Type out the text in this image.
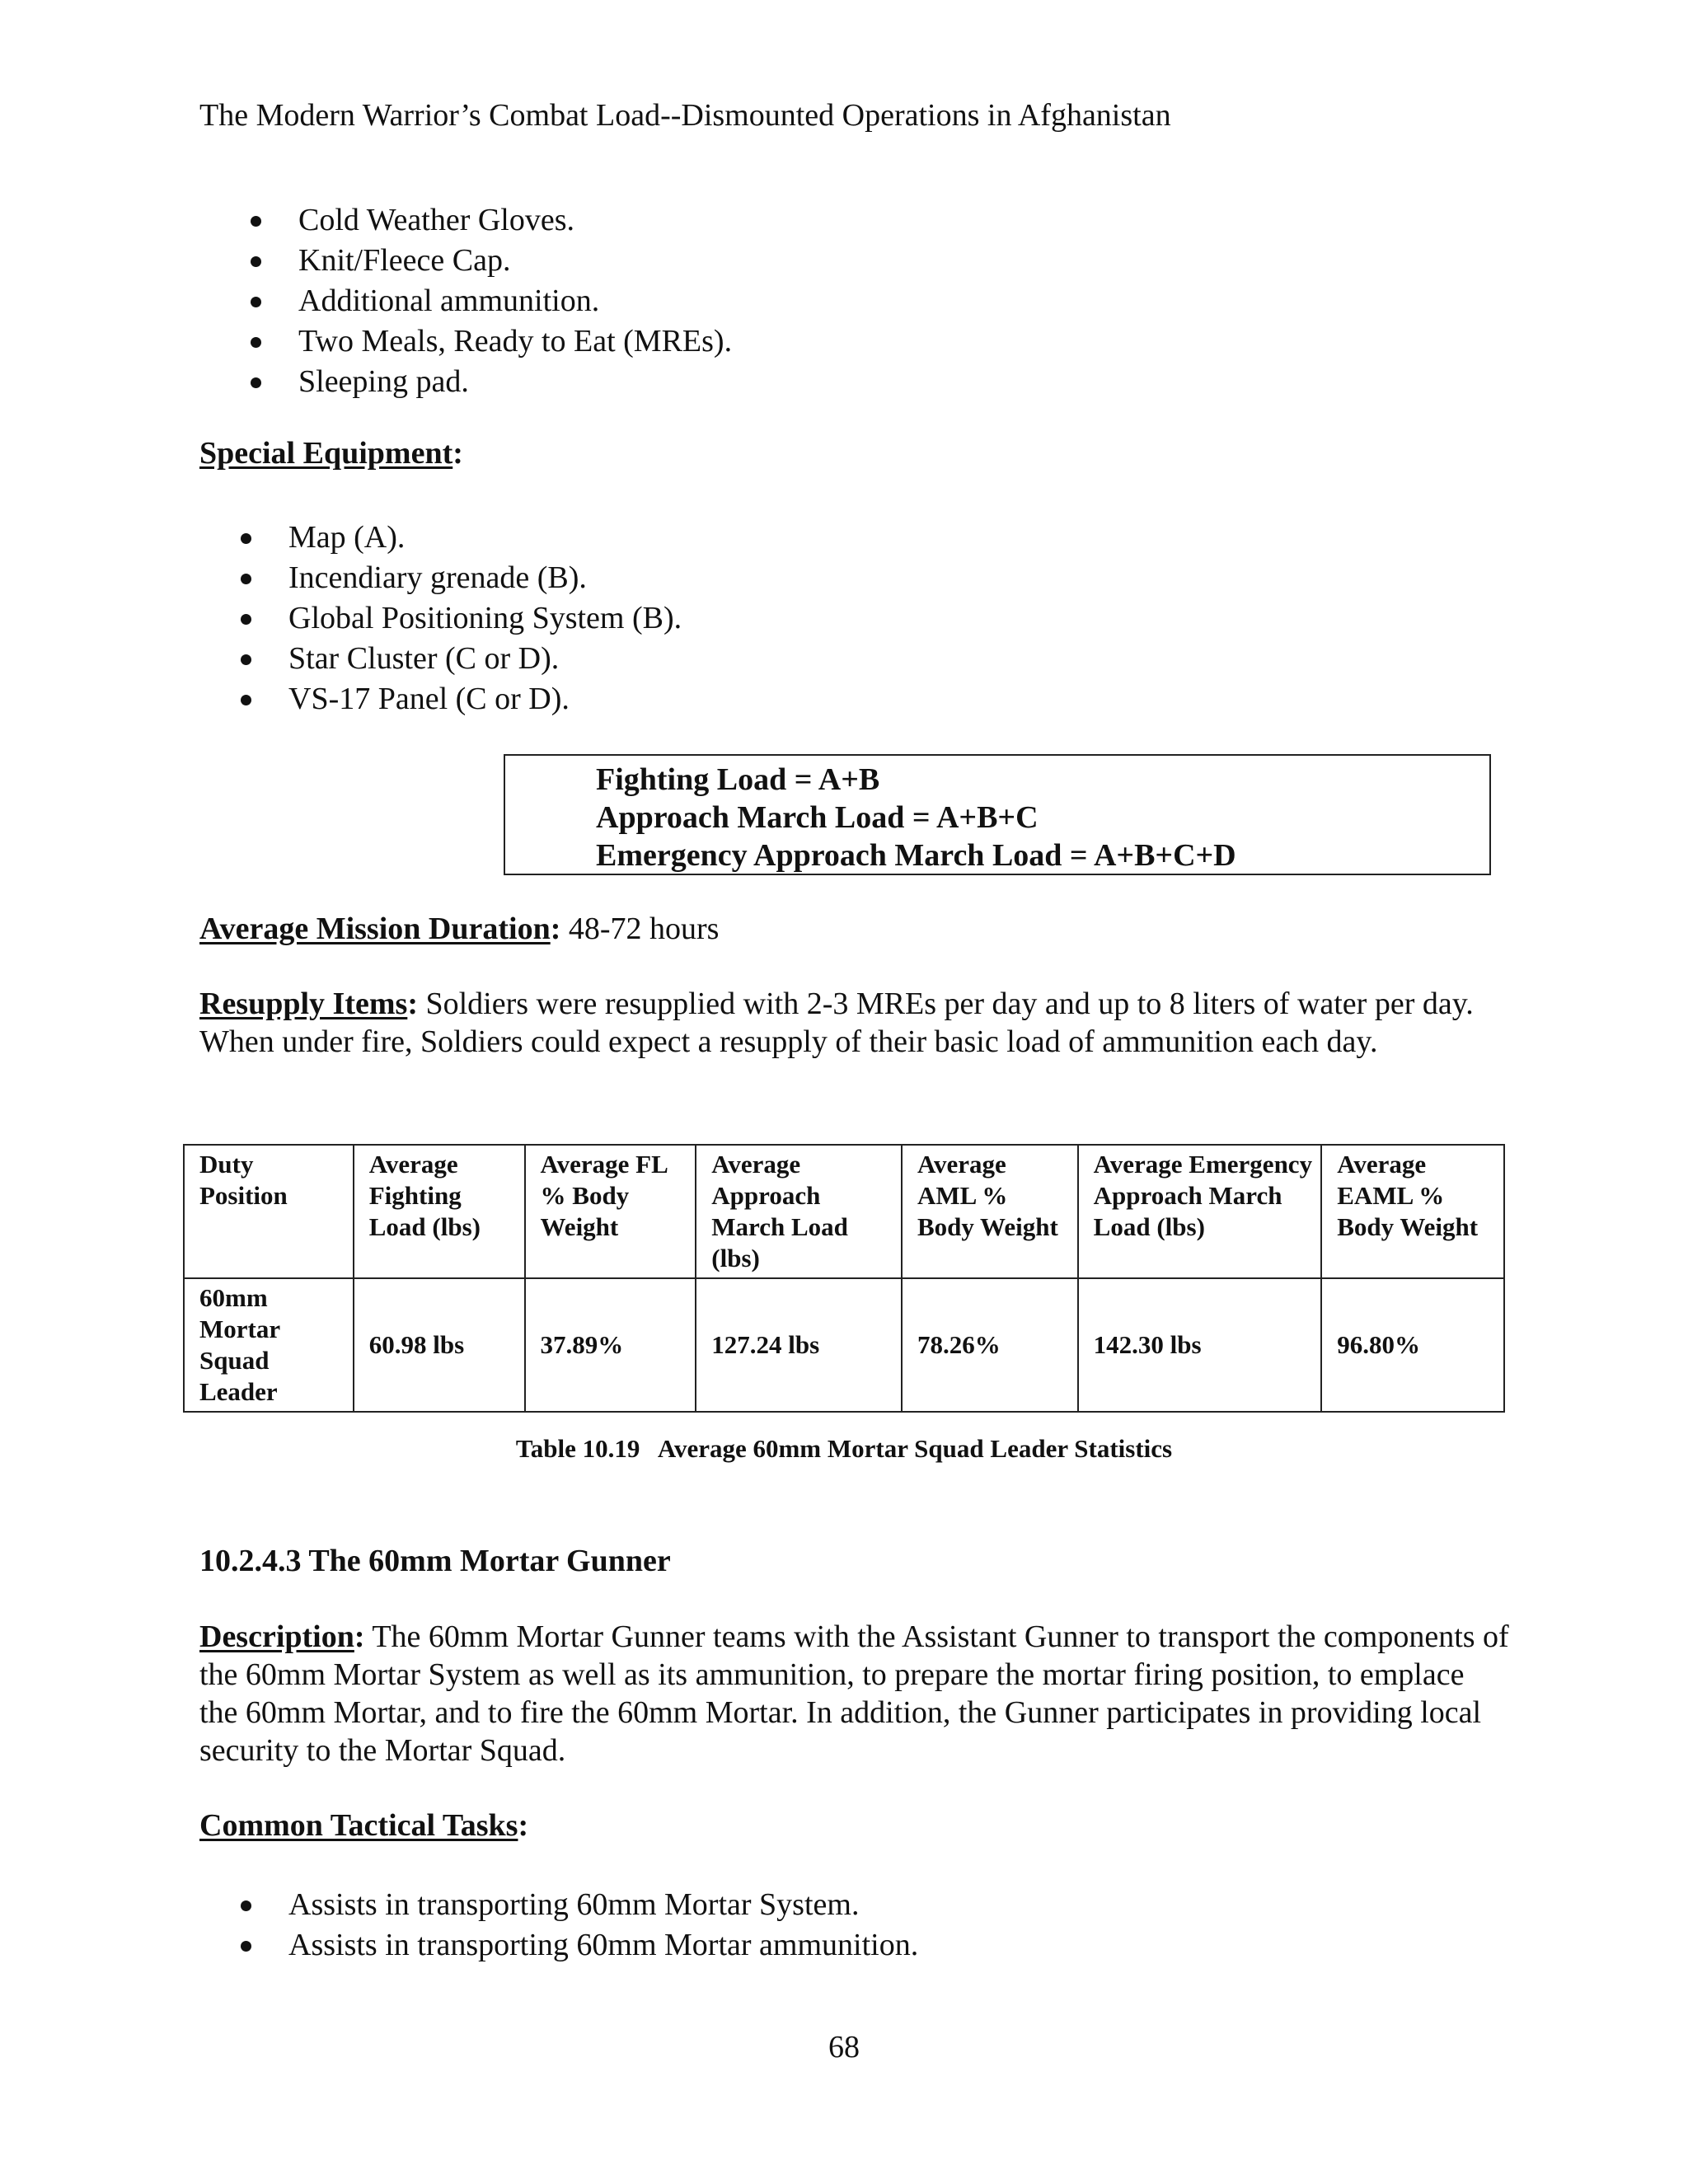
The Modern Warrior’s Combat Load--Dismounted Operations in Afghanistan
Cold Weather Gloves.
Knit/Fleece Cap.
Additional ammunition.
Two Meals, Ready to Eat (MREs).
Sleeping pad.
Special Equipment:
Map (A).
Incendiary grenade (B).
Global Positioning System (B).
Star Cluster (C or D).
VS-17 Panel (C or D).
Fighting Load = A+B
Approach March Load = A+B+C
Emergency Approach March Load = A+B+C+D
Average Mission Duration: 48-72 hours
Resupply Items: Soldiers were resupplied with 2-3 MREs per day and up to 8 liters of water per day. When under fire, Soldiers could expect a resupply of their basic load of ammunition each day.
Duty Position	Average Fighting Load (lbs)	Average FL % Body Weight	Average Approach March Load (lbs)	Average AML % Body Weight	Average Emergency Approach March Load (lbs)	Average EAML % Body Weight
60mm Mortar Squad Leader	60.98 lbs	37.89%	127.24 lbs	78.26%	142.30 lbs	96.80%
Table 10.19   Average 60mm Mortar Squad Leader Statistics
10.2.4.3 The 60mm Mortar Gunner
Description: The 60mm Mortar Gunner teams with the Assistant Gunner to transport the components of the 60mm Mortar System as well as its ammunition, to prepare the mortar firing position, to emplace the 60mm Mortar, and to fire the 60mm Mortar. In addition, the Gunner participates in providing local security to the Mortar Squad.
Common Tactical Tasks:
Assists in transporting 60mm Mortar System.
Assists in transporting 60mm Mortar ammunition.
68
